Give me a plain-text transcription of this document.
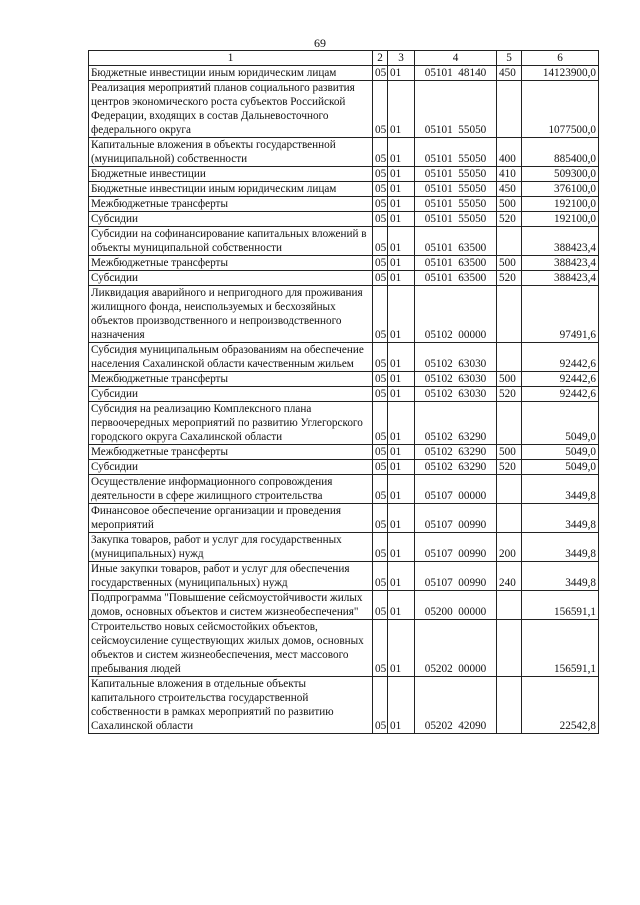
69
1	2	3	4	5	6
Бюджетные инвестиции иным юридическим лицам	05	01	05101  48140	450	14123900,0
Реализация мероприятий планов социального развития центров экономического роста субъектов Российской Федерации, входящих в состав Дальневосточного федерального округа	05	01	05101  55050		1077500,0
Капитальные вложения в объекты государственной (муниципальной) собственности	05	01	05101  55050	400	885400,0
Бюджетные инвестиции	05	01	05101  55050	410	509300,0
Бюджетные инвестиции иным юридическим лицам	05	01	05101  55050	450	376100,0
Межбюджетные трансферты	05	01	05101  55050	500	192100,0
Субсидии	05	01	05101  55050	520	192100,0
Субсидии на софинансирование капитальных вложений в объекты муниципальной собственности	05	01	05101  63500		388423,4
Межбюджетные трансферты	05	01	05101  63500	500	388423,4
Субсидии	05	01	05101  63500	520	388423,4
Ликвидация аварийного и непригодного для проживания жилищного фонда, неиспользуемых и бесхозяйных объектов производственного и непроизводственного назначения	05	01	05102  00000		97491,6
Субсидия муниципальным образованиям на обеспечение населения Сахалинской области качественным жильем	05	01	05102  63030		92442,6
Межбюджетные трансферты	05	01	05102  63030	500	92442,6
Субсидии	05	01	05102  63030	520	92442,6
Субсидия на реализацию Комплексного плана первоочередных мероприятий по развитию Углегорского городского округа Сахалинской области	05	01	05102  63290		5049,0
Межбюджетные трансферты	05	01	05102  63290	500	5049,0
Субсидии	05	01	05102  63290	520	5049,0
Осуществление информационного сопровождения деятельности в сфере жилищного строительства	05	01	05107  00000		3449,8
Финансовое обеспечение организации и проведения мероприятий	05	01	05107  00990		3449,8
Закупка товаров, работ и услуг для государственных (муниципальных) нужд	05	01	05107  00990	200	3449,8
Иные закупки товаров, работ и услуг для обеспечения государственных (муниципальных) нужд	05	01	05107  00990	240	3449,8
Подпрограмма "Повышение сейсмоустойчивости жилых домов, основных объектов и систем жизнеобеспечения"	05	01	05200  00000		156591,1
Строительство новых сейсмостойких объектов, сейсмоусиление существующих жилых домов, основных объектов и систем жизнеобеспечения, мест массового пребывания людей	05	01	05202  00000		156591,1
Капитальные вложения в отдельные объекты капитального строительства государственной собственности в рамках мероприятий по развитию Сахалинской области	05	01	05202  42090		22542,8
